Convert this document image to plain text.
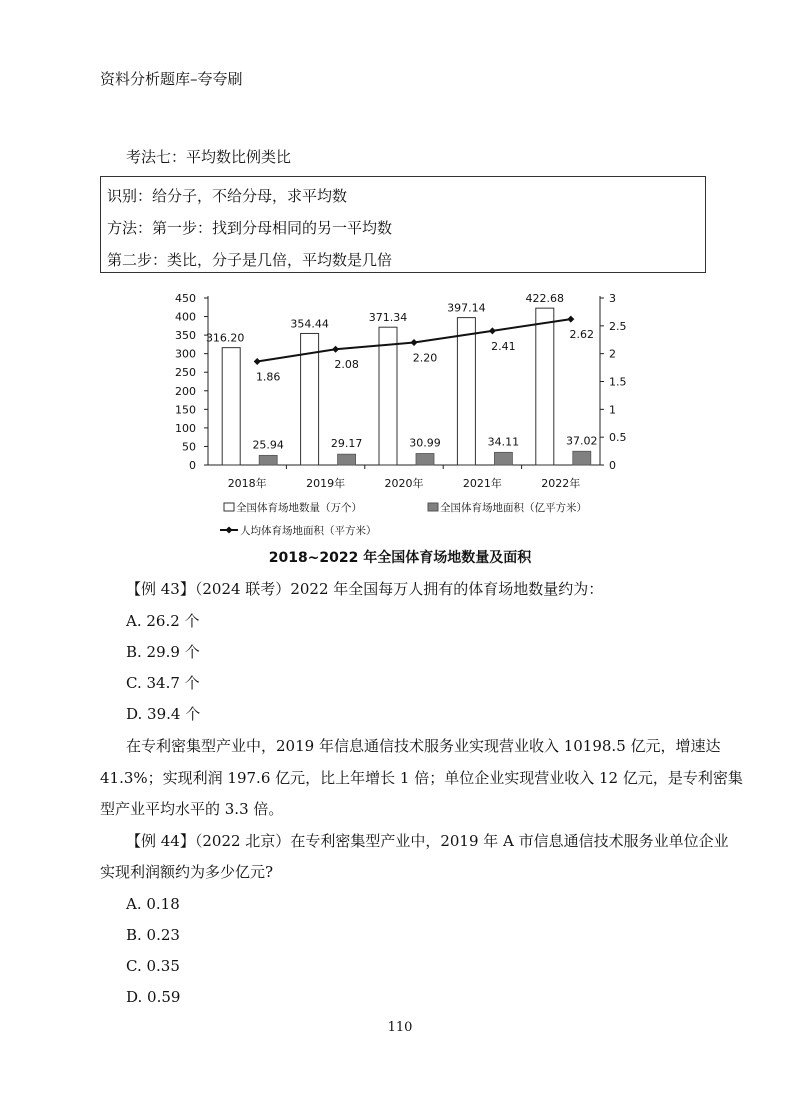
资料分析题库–夸夸刷
考法七：平均数比例类比
识别：给分子，不给分母，求平均数
方法：第一步：找到分母相同的另一平均数
第二步：类比，分子是几倍，平均数是几倍
0
50
100
150
200
250
300
350
400
450
0
0.5
1
1.5
2
2.5
3
2018年	2019年	2020年	2021年	2022年
316.20
25.94
354.44
29.17
371.34
30.99
397.14
34.11
422.68
37.02
1.86
2.08
2.20
2.41
2.62
全国体育场地数量（万个）	全国体育场地面积（亿平方米）
人均体育场地面积（平方米）
2018~2022 年全国体育场地数量及面积
【例 43】（2024 联考）2022 年全国每万人拥有的体育场地数量约为：
A. 26.2 个
B. 29.9 个
C. 34.7 个
D. 39.4 个
在专利密集型产业中，2019 年信息通信技术服务业实现营业收入 10198.5 亿元，增速达
41.3%；实现利润 197.6 亿元，比上年增长 1 倍；单位企业实现营业收入 12 亿元，是专利密集
型产业平均水平的 3.3 倍。
【例 44】（2022 北京）在专利密集型产业中，2019 年 A 市信息通信技术服务业单位企业
实现利润额约为多少亿元?
A. 0.18
B. 0.23
C. 0.35
D. 0.59
110
